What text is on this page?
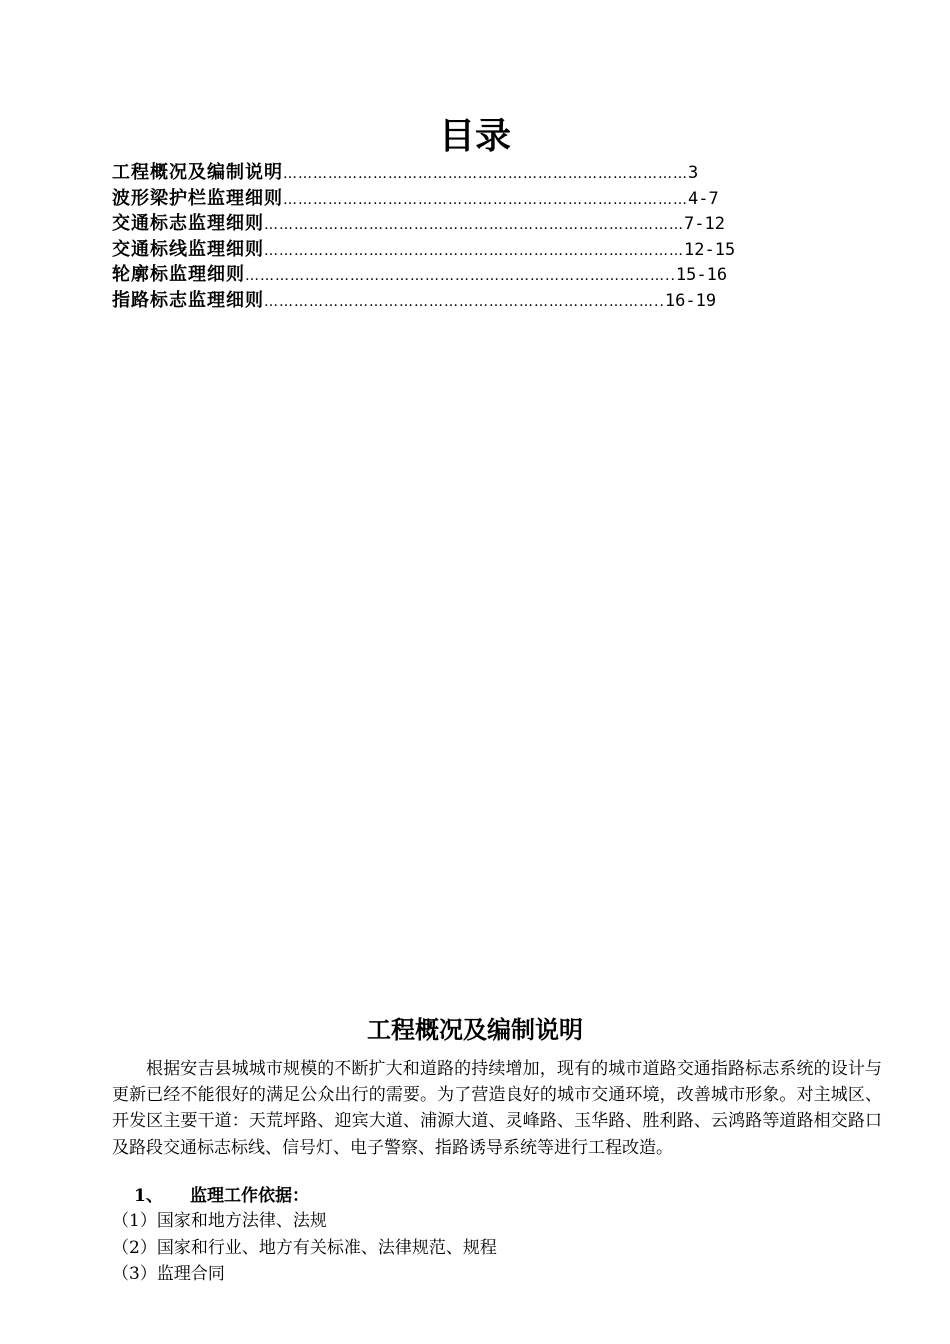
目录
工程概况及编制说明………………………………………………………………………3
波形梁护栏监理细则………………………………………………………………………4-7
交通标志监理细则…………………………………………………………………………7-12
交通标线监理细则…………………………………………………………………………12-15
轮廓标监理细则…………………………………………………………………………..15-16
指路标志监理细则……………………………………………………………………..16-19
工程概况及编制说明

根据安吉县城城市规模的不断扩大和道路的持续增加，现有的城市道路交通指路标志系统的设计与更新已经不能很好的满足公众出行的需要。为了营造良好的城市交通环境，改善城市形象。对主城区、开发区主要干道：天荒坪路、迎宾大道、浦源大道、灵峰路、玉华路、胜利路、云鸿路等道路相交路口及路段交通标志标线、信号灯、电子警察、指路诱导系统等进行工程改造。

1、 监理工作依据：
（1）国家和地方法律、法规
（2）国家和行业、地方有关标准、法律规范、规程
（3）监理合同
